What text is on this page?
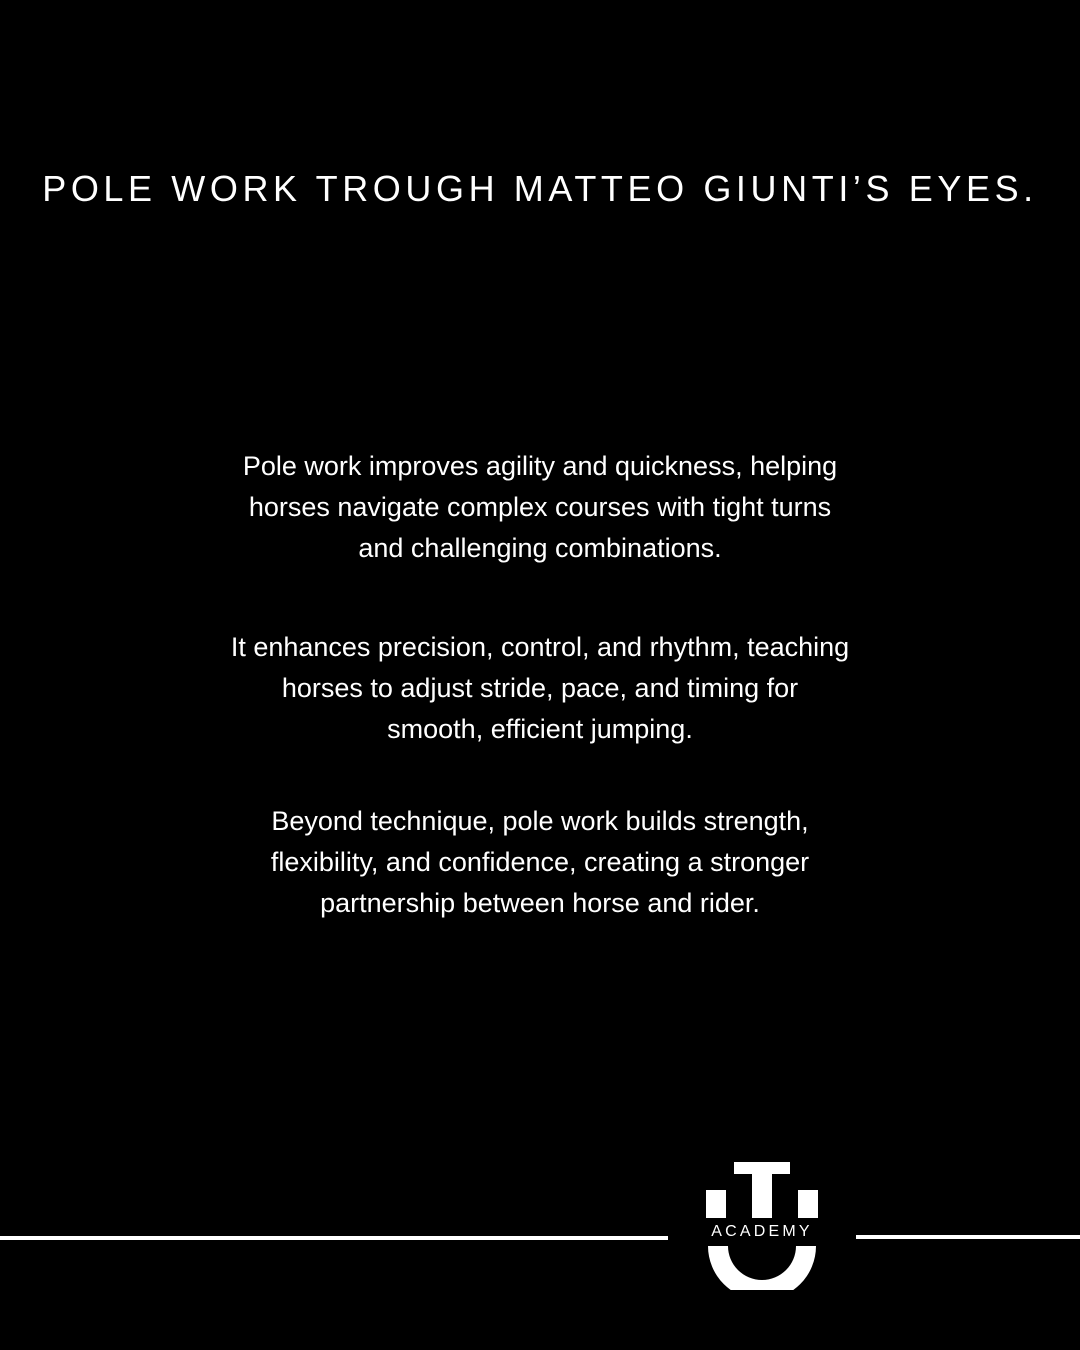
POLE WORK TROUGH MATTEO GIUNTI’S EYES.
Pole work improves agility and quickness, helping
horses navigate complex courses with tight turns
and challenging combinations.
It enhances precision, control, and rhythm, teaching
horses to adjust stride, pace, and timing for
smooth, efficient jumping.
Beyond technique, pole work builds strength,
flexibility, and confidence, creating a stronger
partnership between horse and rider.
ACADEMY
